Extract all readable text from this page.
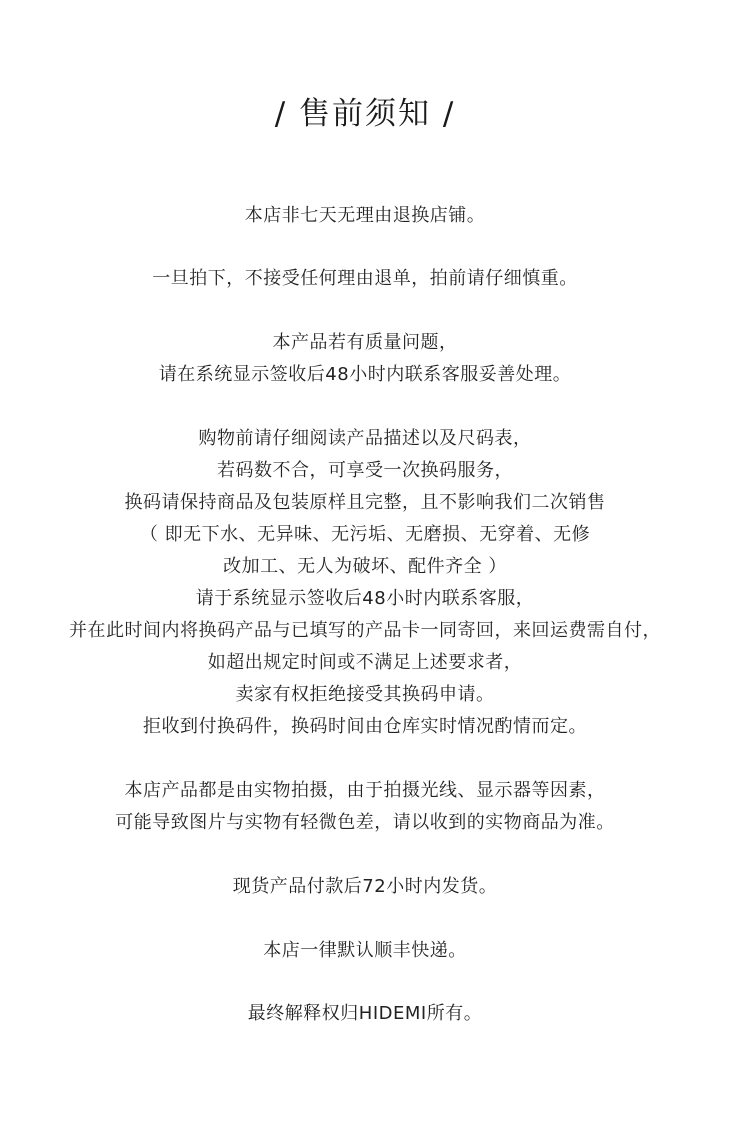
/ 售前须知 /
本店非七天无理由退换店铺。
一旦拍下，不接受任何理由退单，拍前请仔细慎重。
本产品若有质量问题，
请在系统显示签收后48小时内联系客服妥善处理。
购物前请仔细阅读产品描述以及尺码表，
若码数不合，可享受一次换码服务，
换码请保持商品及包装原样且完整，且不影响我们二次销售
（ 即无下水、无异味、无污垢、无磨损、无穿着、无修
改加工、无人为破坏、配件齐全 ）
请于系统显示签收后48小时内联系客服，
并在此时间内将换码产品与已填写的产品卡一同寄回，来回运费需自付，
如超出规定时间或不满足上述要求者，
卖家有权拒绝接受其换码申请。
拒收到付换码件，换码时间由仓库实时情况酌情而定。
本店产品都是由实物拍摄，由于拍摄光线、显示器等因素，
可能导致图片与实物有轻微色差，请以收到的实物商品为准。
现货产品付款后72小时内发货。
本店一律默认顺丰快递。
最终解释权归HIDEMI所有。
